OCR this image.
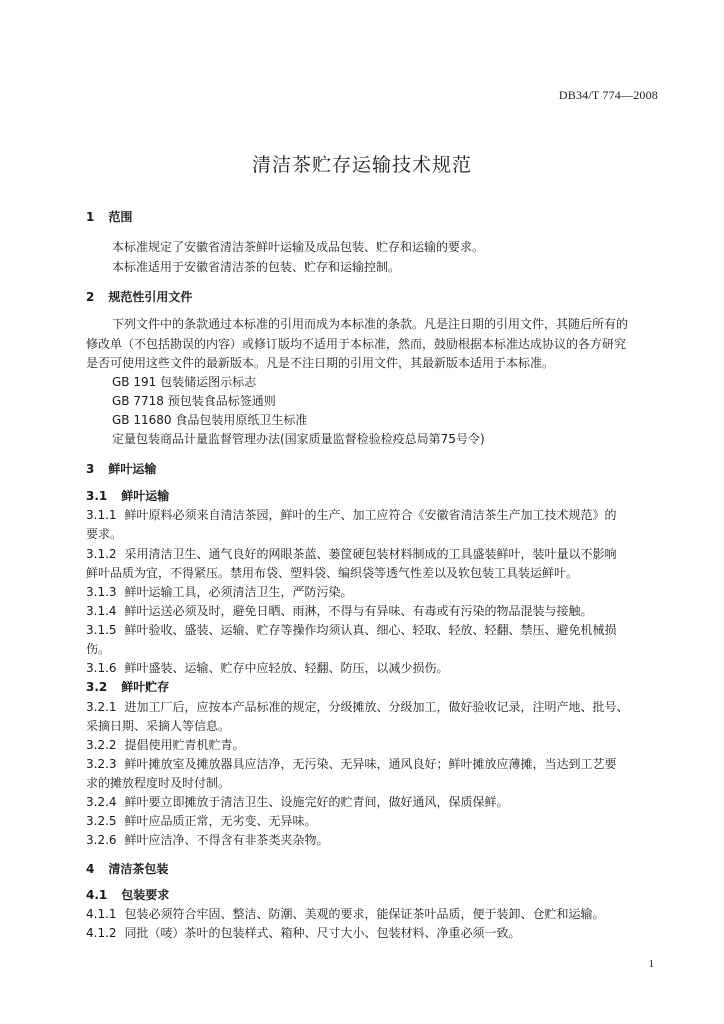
DB34/T 774—2008
清洁茶贮存运输技术规范
1 范围
本标准规定了安徽省清洁茶鲜叶运输及成品包装、贮存和运输的要求。
本标准适用于安徽省清洁茶的包装、贮存和运输控制。
2 规范性引用文件
下列文件中的条款通过本标准的引用而成为本标准的条款。凡是注日期的引用文件，其随后所有的
修改单（不包括勘误的内容）或修订版均不适用于本标准，然而，鼓励根据本标准达成协议的各方研究
是否可使用这些文件的最新版本。凡是不注日期的引用文件，其最新版本适用于本标准。
GB 191 包装储运图示标志
GB 7718 预包装食品标签通则
GB 11680 食品包装用原纸卫生标准
定量包装商品计量监督管理办法(国家质量监督检验检疫总局第75号令)
3 鲜叶运输
3.1 鲜叶运输
3.1.1 鲜叶原料必须来自清洁茶园，鲜叶的生产、加工应符合《安徽省清洁茶生产加工技术规范》的
要求。
3.1.2 采用清洁卫生、通气良好的网眼茶蓝、蒌筐硬包装材料制成的工具盛装鲜叶，装叶量以不影响
鲜叶品质为宜，不得紧压。禁用布袋、塑料袋、编织袋等透气性差以及软包装工具装运鲜叶。
3.1.3 鲜叶运输工具，必须清洁卫生，严防污染。
3.1.4 鲜叶运送必须及时，避免日晒、雨淋，不得与有异味、有毒或有污染的物品混装与接触。
3.1.5 鲜叶验收、盛装、运输、贮存等操作均须认真、细心、轻取、轻放、轻翻、禁压、避免机械损
伤。
3.1.6 鲜叶盛装、运输、贮存中应轻放、轻翻、防压，以减少损伤。
3.2 鲜叶贮存
3.2.1 进加工厂后，应按本产品标准的规定，分级摊放、分级加工，做好验收记录，注明产地、批号、
采摘日期、采摘人等信息。
3.2.2 提倡使用贮青机贮青。
3.2.3 鲜叶摊放室及摊放器具应洁净，无污染、无异味，通风良好；鲜叶摊放应薄摊，当达到工艺要
求的摊放程度时及时付制。
3.2.4 鲜叶要立即摊放于清洁卫生、设施完好的贮青间，做好通风，保质保鲜。
3.2.5 鲜叶应品质正常，无劣变、无异味。
3.2.6 鲜叶应洁净、不得含有非茶类夹杂物。
4 清洁茶包装
4.1 包装要求
4.1.1 包装必须符合牢固、整洁、防潮、美观的要求，能保证茶叶品质，便于装卸、仓贮和运输。
4.1.2 同批（唛）茶叶的包装样式、箱种、尺寸大小、包装材料、净重必须一致。
1
